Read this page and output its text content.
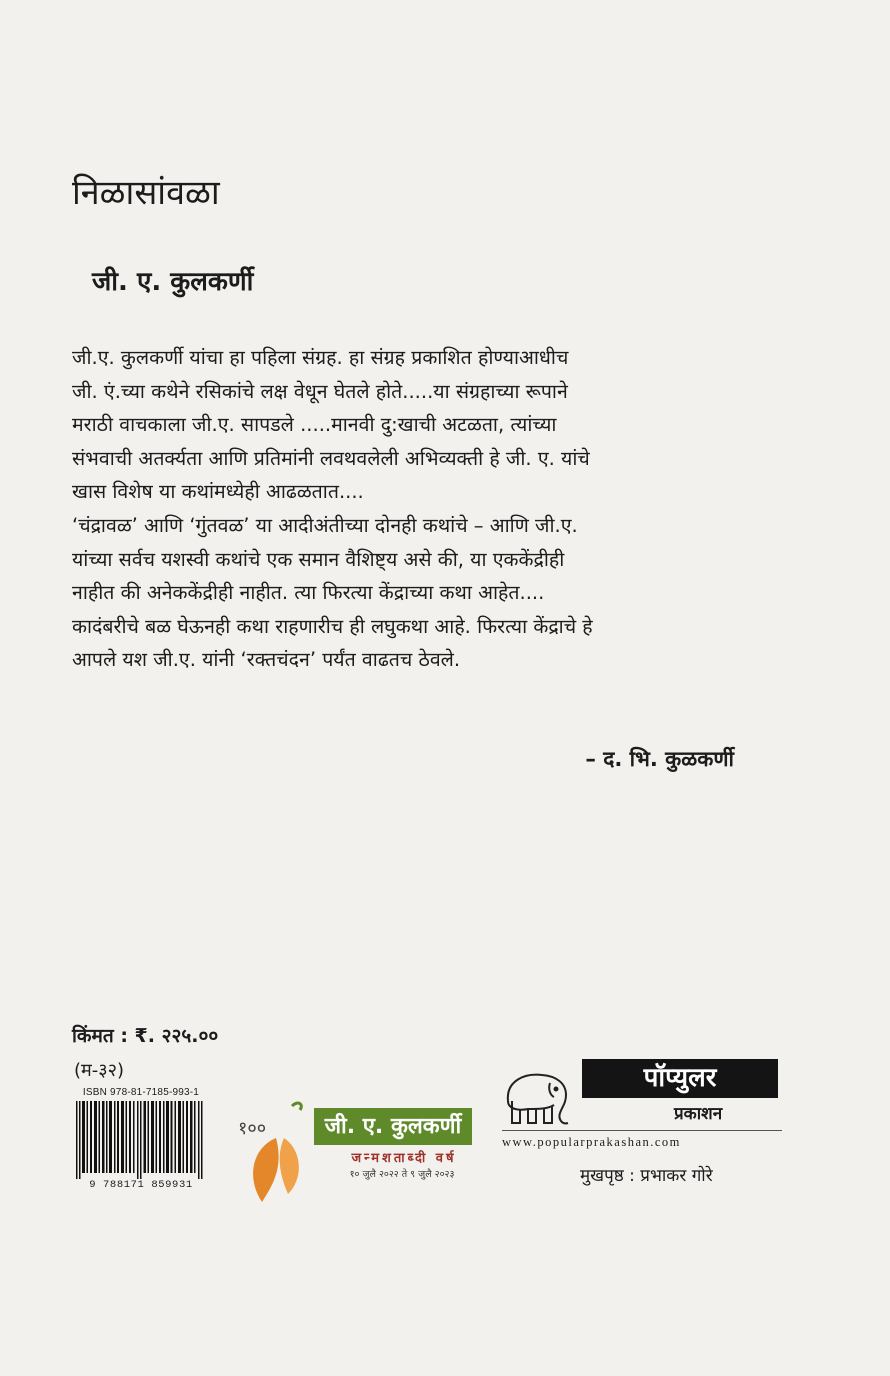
निळासांवळा
जी. ए. कुलकर्णी
जी.ए. कुलकर्णी यांचा हा पहिला संग्रह. हा संग्रह प्रकाशित होण्याआधीच
जी. एं.च्या कथेने रसिकांचे लक्ष वेधून घेतले होते.....या संग्रहाच्या रूपाने
मराठी वाचकाला जी.ए. सापडले .....मानवी दु:खाची अटळता, त्यांच्या
संभवाची अतर्क्यता आणि प्रतिमांनी लवथवलेली अभिव्यक्ती हे जी. ए. यांचे
खास विशेष या कथांमध्येही आढळतात....
‘चंद्रावळ’ आणि ‘गुंतवळ’ या आदीअंतीच्या दोनही कथांचे – आणि जी.ए.
यांच्या सर्वच यशस्वी कथांचे एक समान वैशिष्ट्य असे की, या एककेंद्रीही
नाहीत की अनेककेंद्रीही नाहीत. त्या फिरत्या केंद्राच्या कथा आहेत....
कादंबरीचे बळ घेऊनही कथा राहणारीच ही लघुकथा आहे. फिरत्या केंद्राचे हे
आपले यश जी.ए. यांनी ‘रक्तचंदन’ पर्यंत वाढतच ठेवले.
– द. भि. कुळकर्णी
किंमत : ₹. २२५.००
(म-३२)
ISBN 978-81-7185-993-1
9 788171 859931
१००	जी. ए. कुलकर्णी
जन्मशताब्दी वर्ष
१० जुलै २०२२ ते ९ जुलै २०२३
पॉप्युलर
प्रकाशन
www.popularprakashan.com
मुखपृष्ठ : प्रभाकर गोरे
